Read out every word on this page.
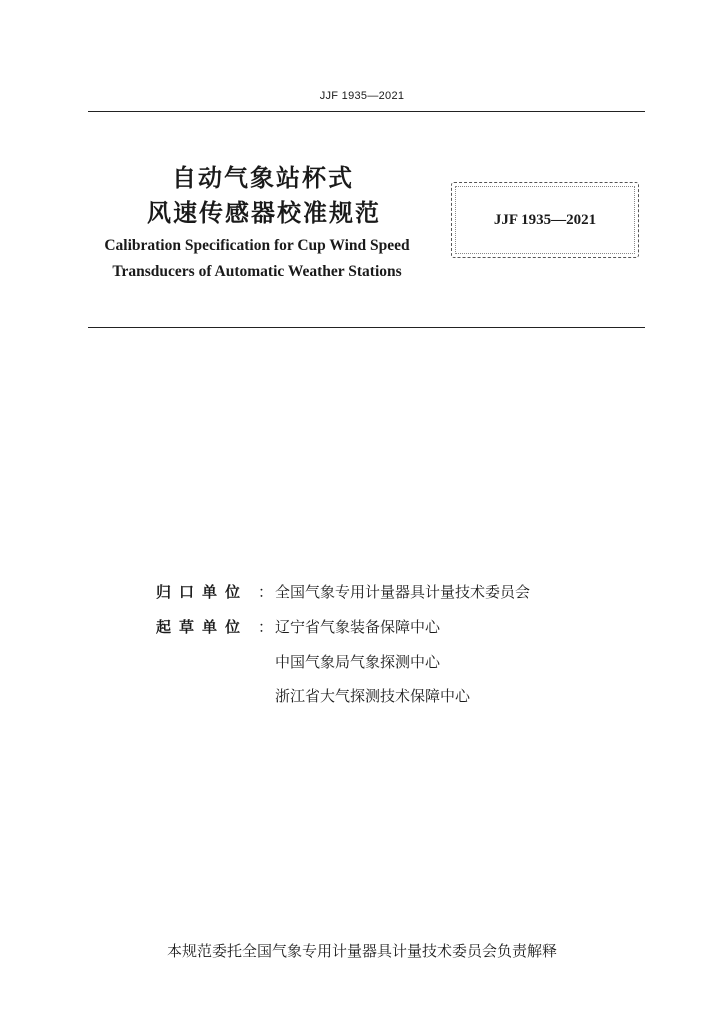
JJF 1935—2021
自动气象站杯式
风速传感器校准规范
Calibration Specification for Cup Wind Speed
Transducers of Automatic Weather Stations
JJF 1935—2021
归口单位 ： 全国气象专用计量器具计量技术委员会
起草单位 ： 辽宁省气象装备保障中心
中国气象局气象探测中心
浙江省大气探测技术保障中心
本规范委托全国气象专用计量器具计量技术委员会负责解释
